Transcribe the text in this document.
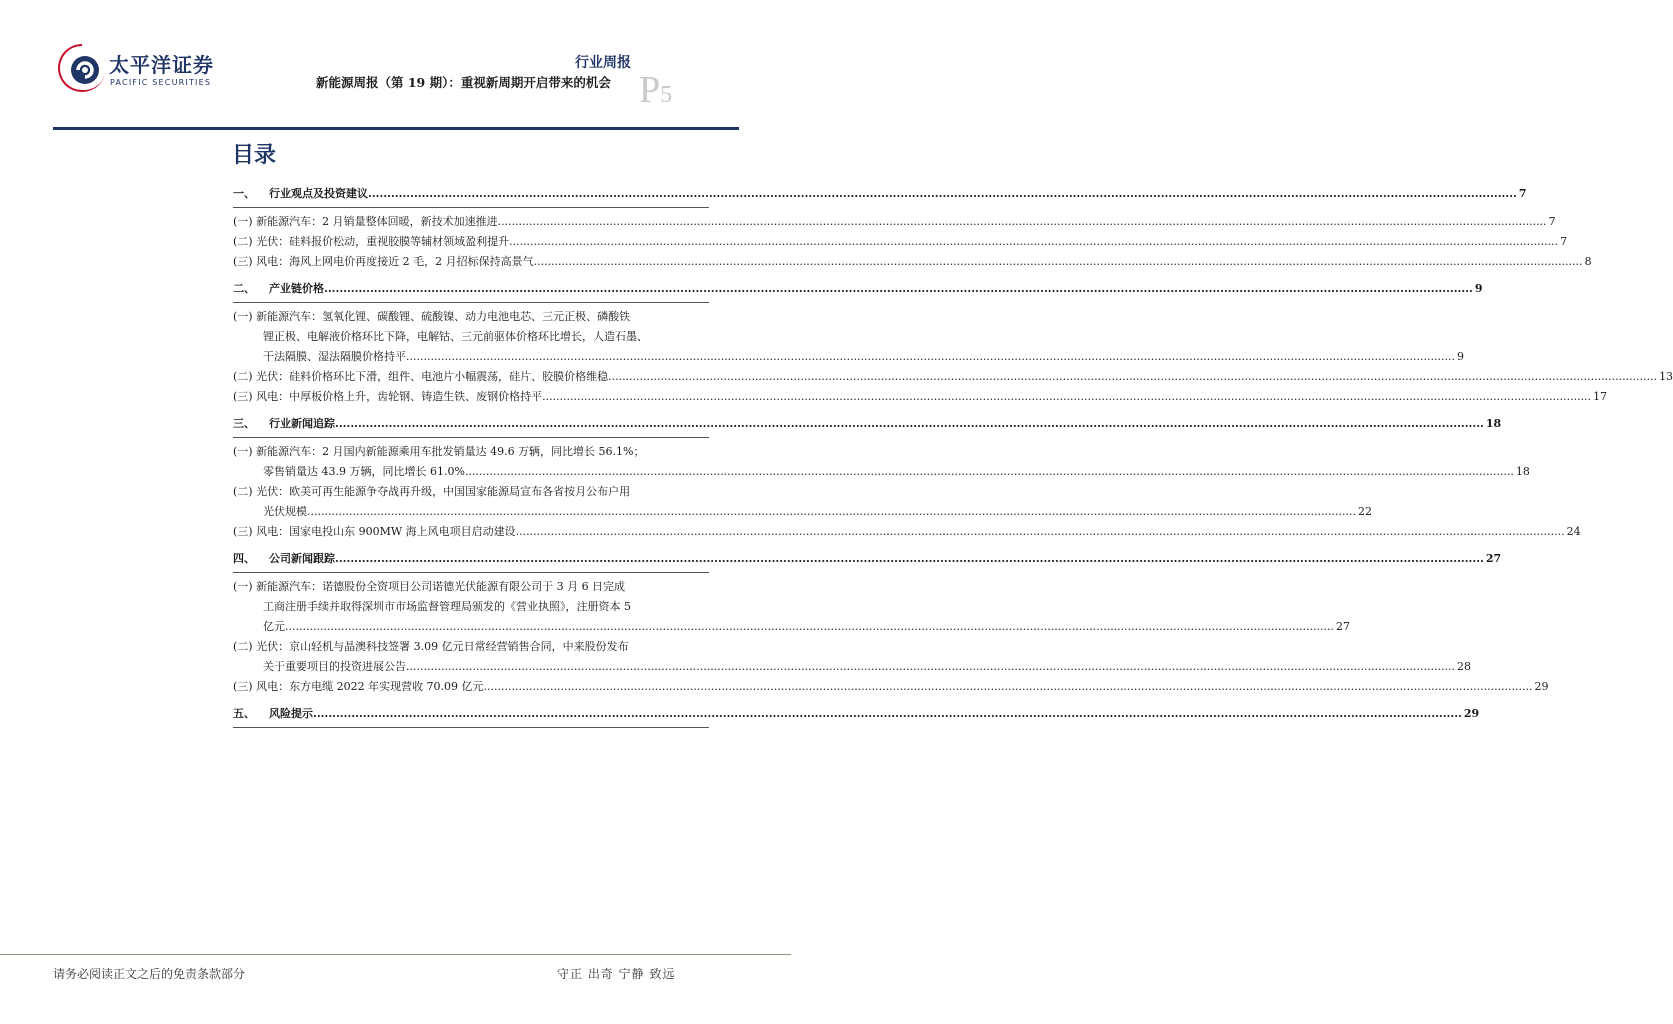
太平洋证券
PACIFIC SECURITIES
行业周报
新能源周报（第 19 期）：重视新周期开启带来的机会 P5
目录
一、	行业观点及投资建议 ............................................................................................................................................................................................................................................................................................................ 7
(一) 新能源汽车：2 月销量整体回暖，新技术加速推进 ............................................................................................................................................................................................................................................................................................................ 7
(二) 光伏：硅料报价松动，重视胶膜等辅材领域盈利提升 ............................................................................................................................................................................................................................................................................................................ 7
(三) 风电：海风上网电价再度接近 2 毛，2 月招标保持高景气 ............................................................................................................................................................................................................................................................................................................ 8
二、	产业链价格 ............................................................................................................................................................................................................................................................................................................ 9
(一) 新能源汽车：氢氧化锂、碳酸锂、硫酸镍、动力电池电芯、三元正极、磷酸铁
锂正极、电解液价格环比下降，电解钴、三元前驱体价格环比增长，人造石墨、
干法隔膜、湿法隔膜价格持平 ............................................................................................................................................................................................................................................................................................................ 9
(二) 光伏：硅料价格环比下滑，组件、电池片小幅震荡，硅片、胶膜价格维稳 ............................................................................................................................................................................................................................................................................................................ 13
(三) 风电：中厚板价格上升，齿轮钢、铸造生铁、废钢价格持平 ............................................................................................................................................................................................................................................................................................................ 17
三、	行业新闻追踪 ............................................................................................................................................................................................................................................................................................................ 18
(一) 新能源汽车：2 月国内新能源乘用车批发销量达 49.6 万辆，同比增长 56.1%；
零售销量达 43.9 万辆，同比增长 61.0% ............................................................................................................................................................................................................................................................................................................ 18
(二) 光伏：欧美可再生能源争夺战再升级，中国国家能源局宣布各省按月公布户用
光伏规模 ............................................................................................................................................................................................................................................................................................................ 22
(三) 风电：国家电投山东 900MW 海上风电项目启动建设 ............................................................................................................................................................................................................................................................................................................ 24
四、	公司新闻跟踪 ............................................................................................................................................................................................................................................................................................................ 27
(一) 新能源汽车：诺德股份全资项目公司诺德光伏能源有限公司于 3 月 6 日完成
工商注册手续并取得深圳市市场监督管理局颁发的《营业执照》，注册资本 5
亿元 ............................................................................................................................................................................................................................................................................................................ 27
(二) 光伏：京山轻机与晶澳科技签署 3.09 亿元日常经营销售合同，中来股份发布
关于重要项目的投资进展公告 ............................................................................................................................................................................................................................................................................................................ 28
(三) 风电：东方电缆 2022 年实现营收 70.09 亿元 ............................................................................................................................................................................................................................................................................................................ 29
五、	风险提示 ............................................................................................................................................................................................................................................................................................................ 29
请务必阅读正文之后的免责条款部分	守正 出奇 宁静 致远
